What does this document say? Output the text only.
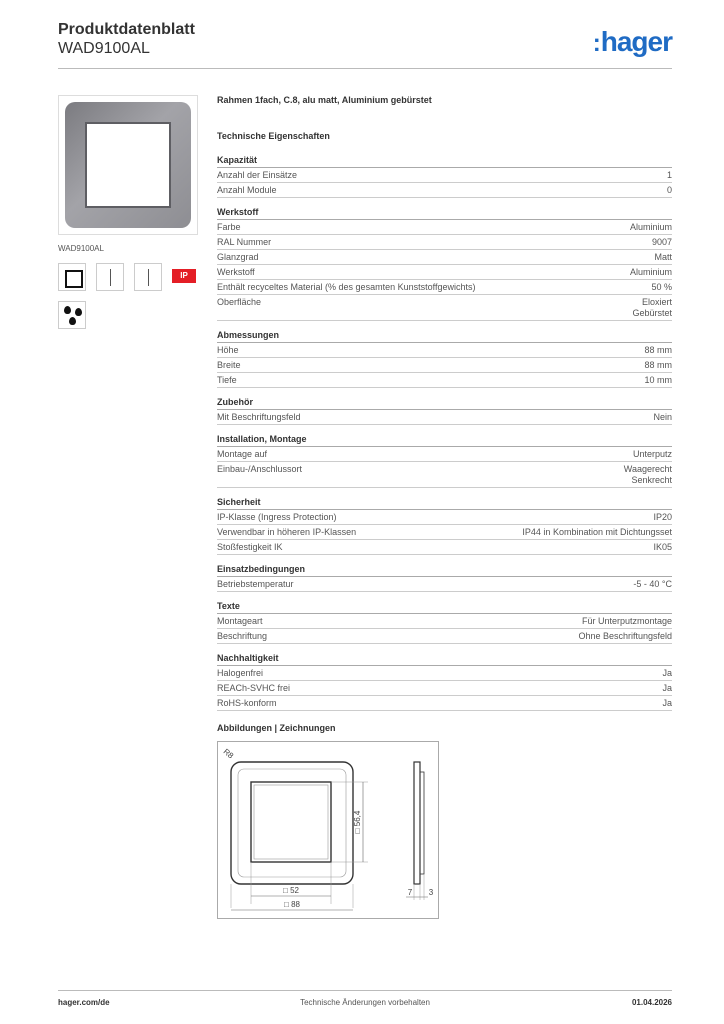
Produktdatenblatt
WAD9100AL	:hager
WAD9100AL
IP
Rahmen 1fach, C.8, alu matt, Aluminium gebürstet
Technische Eigenschaften
Kapazität
Anzahl der Einsätze	1
Anzahl Module	0
Werkstoff
Farbe	Aluminium
RAL Nummer	9007
Glanzgrad	Matt
Werkstoff	Aluminium
Enthält recyceltes Material (% des gesamten Kunststoffgewichts)	50 %
Oberfläche	Eloxiert
Gebürstet
Abmessungen
Höhe	88 mm
Breite	88 mm
Tiefe	10 mm
Zubehör
Mit Beschriftungsfeld	Nein
Installation, Montage
Montage auf	Unterputz
Einbau-/Anschlussort	Waagerecht
Senkrecht
Sicherheit
IP-Klasse (Ingress Protection)	IP20
Verwendbar in höheren IP-Klassen	IP44 in Kombination mit Dichtungsset
Stoßfestigkeit IK	IK05
Einsatzbedingungen
Betriebstemperatur	-5 - 40 °C
Texte
Montageart	Für Unterputzmontage
Beschriftung	Ohne Beschriftungsfeld
Nachhaltigkeit
Halogenfrei	Ja
REACh-SVHC frei	Ja
RoHS-konform	Ja
Abbildungen | Zeichnungen
R8
□ 56,4
□ 52
□ 88
7 3
hager.com/de	Technische Änderungen vorbehalten	01.04.2026
